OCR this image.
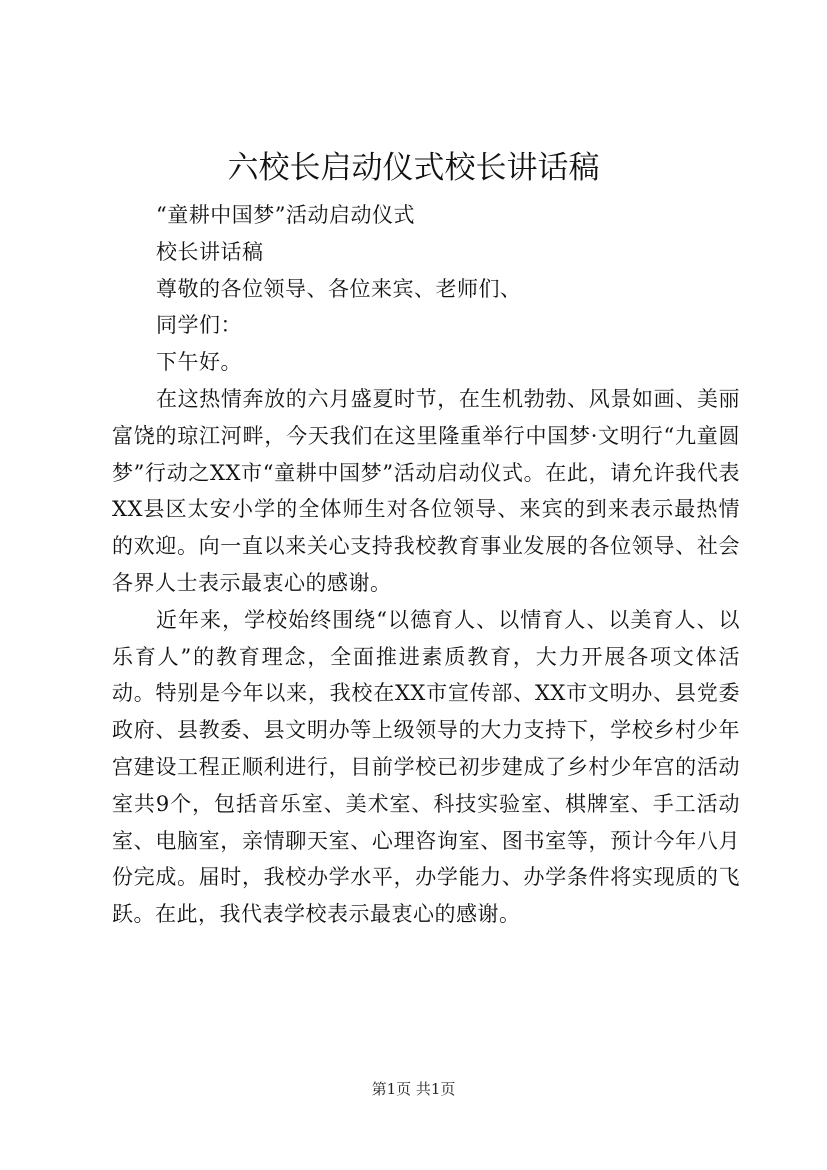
六校长启动仪式校长讲话稿

“童耕中国梦”活动启动仪式

校长讲话稿

尊敬的各位领导、各位来宾、老师们、

同学们：

下午好。

在这热情奔放的六月盛夏时节，在生机勃勃、风景如画、美丽富饶的琼江河畔，今天我们在这里隆重举行中国梦·文明行“九童圆梦”行动之XX市“童耕中国梦”活动启动仪式。在此，请允许我代表XX县区太安小学的全体师生对各位领导、来宾的到来表示最热情的欢迎。向一直以来关心支持我校教育事业发展的各位领导、社会各界人士表示最衷心的感谢。

近年来，学校始终围绕“以德育人、以情育人、以美育人、以乐育人”的教育理念，全面推进素质教育，大力开展各项文体活动。特别是今年以来，我校在XX市宣传部、XX市文明办、县党委政府、县教委、县文明办等上级领导的大力支持下，学校乡村少年宫建设工程正顺利进行，目前学校已初步建成了乡村少年宫的活动室共9个，包括音乐室、美术室、科技实验室、棋牌室、手工活动室、电脑室，亲情聊天室、心理咨询室、图书室等，预计今年八月份完成。届时，我校办学水平，办学能力、办学条件将实现质的飞跃。在此，我代表学校表示最衷心的感谢。

第1页 共1页
